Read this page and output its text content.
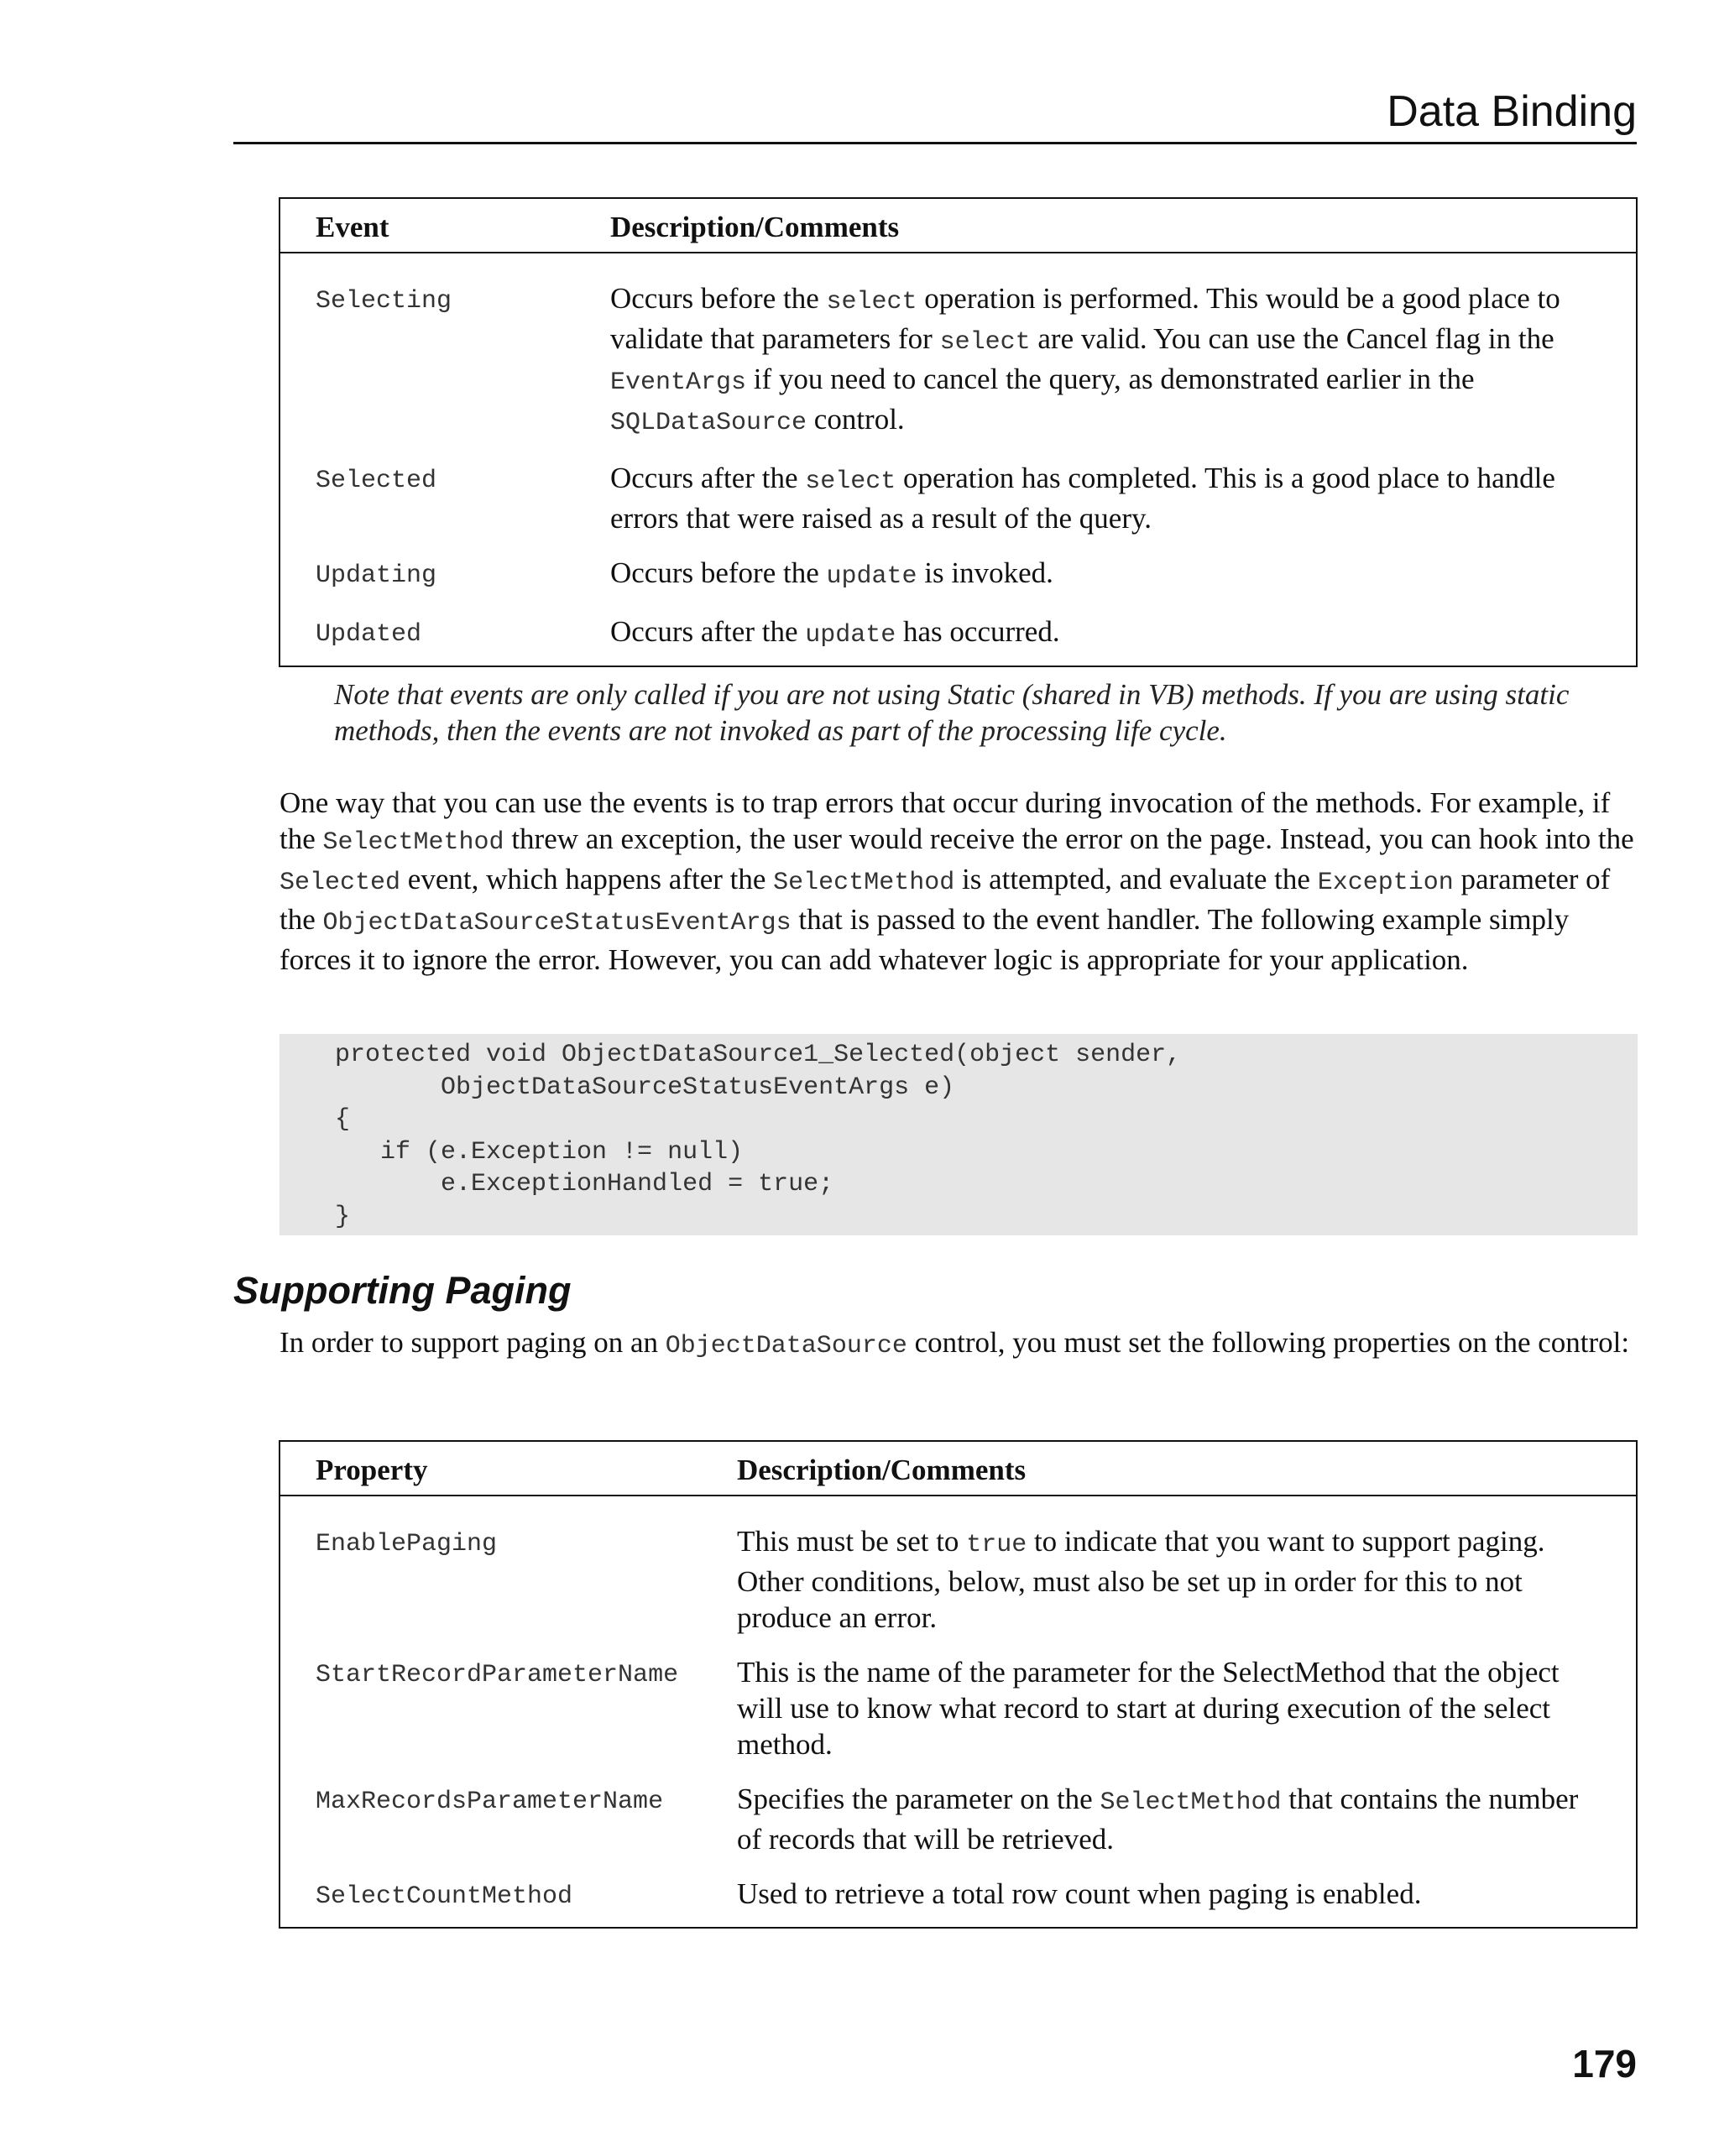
Data Binding
Event	Description/Comments
Selecting	Occurs before the select operation is performed. This would be a good place to validate that parameters for select are valid. You can use the Cancel flag in the EventArgs if you need to cancel the query, as demonstrated earlier in the SQLDataSource control.
Selected	Occurs after the select operation has completed. This is a good place to handle errors that were raised as a result of the query.
Updating	Occurs before the update is invoked.
Updated	Occurs after the update has occurred.
Note that events are only called if you are not using Static (shared in VB) methods. If you are using static methods, then the events are not invoked as part of the processing life cycle.
One way that you can use the events is to trap errors that occur during invocation of the methods. For example, if the SelectMethod threw an exception, the user would receive the error on the page. Instead, you can hook into the Selected event, which happens after the SelectMethod is attempted, and evaluate the Exception parameter of the ObjectDataSourceStatusEventArgs that is passed to the event handler. The following example simply forces it to ignore the error. However, you can add whatever logic is appropriate for your application.
protected void ObjectDataSource1_Selected(object sender,
ObjectDataSourceStatusEventArgs e)
{
if (e.Exception != null)
e.ExceptionHandled = true;
}
Supporting Paging
In order to support paging on an ObjectDataSource control, you must set the following properties on the control:
Property	Description/Comments
EnablePaging	This must be set to true to indicate that you want to support paging. Other conditions, below, must also be set up in order for this to not produce an error.
StartRecordParameterName	This is the name of the parameter for the SelectMethod that the object will use to know what record to start at during execution of the select method.
MaxRecordsParameterName	Specifies the parameter on the SelectMethod that contains the number of records that will be retrieved.
SelectCountMethod	Used to retrieve a total row count when paging is enabled.
179
